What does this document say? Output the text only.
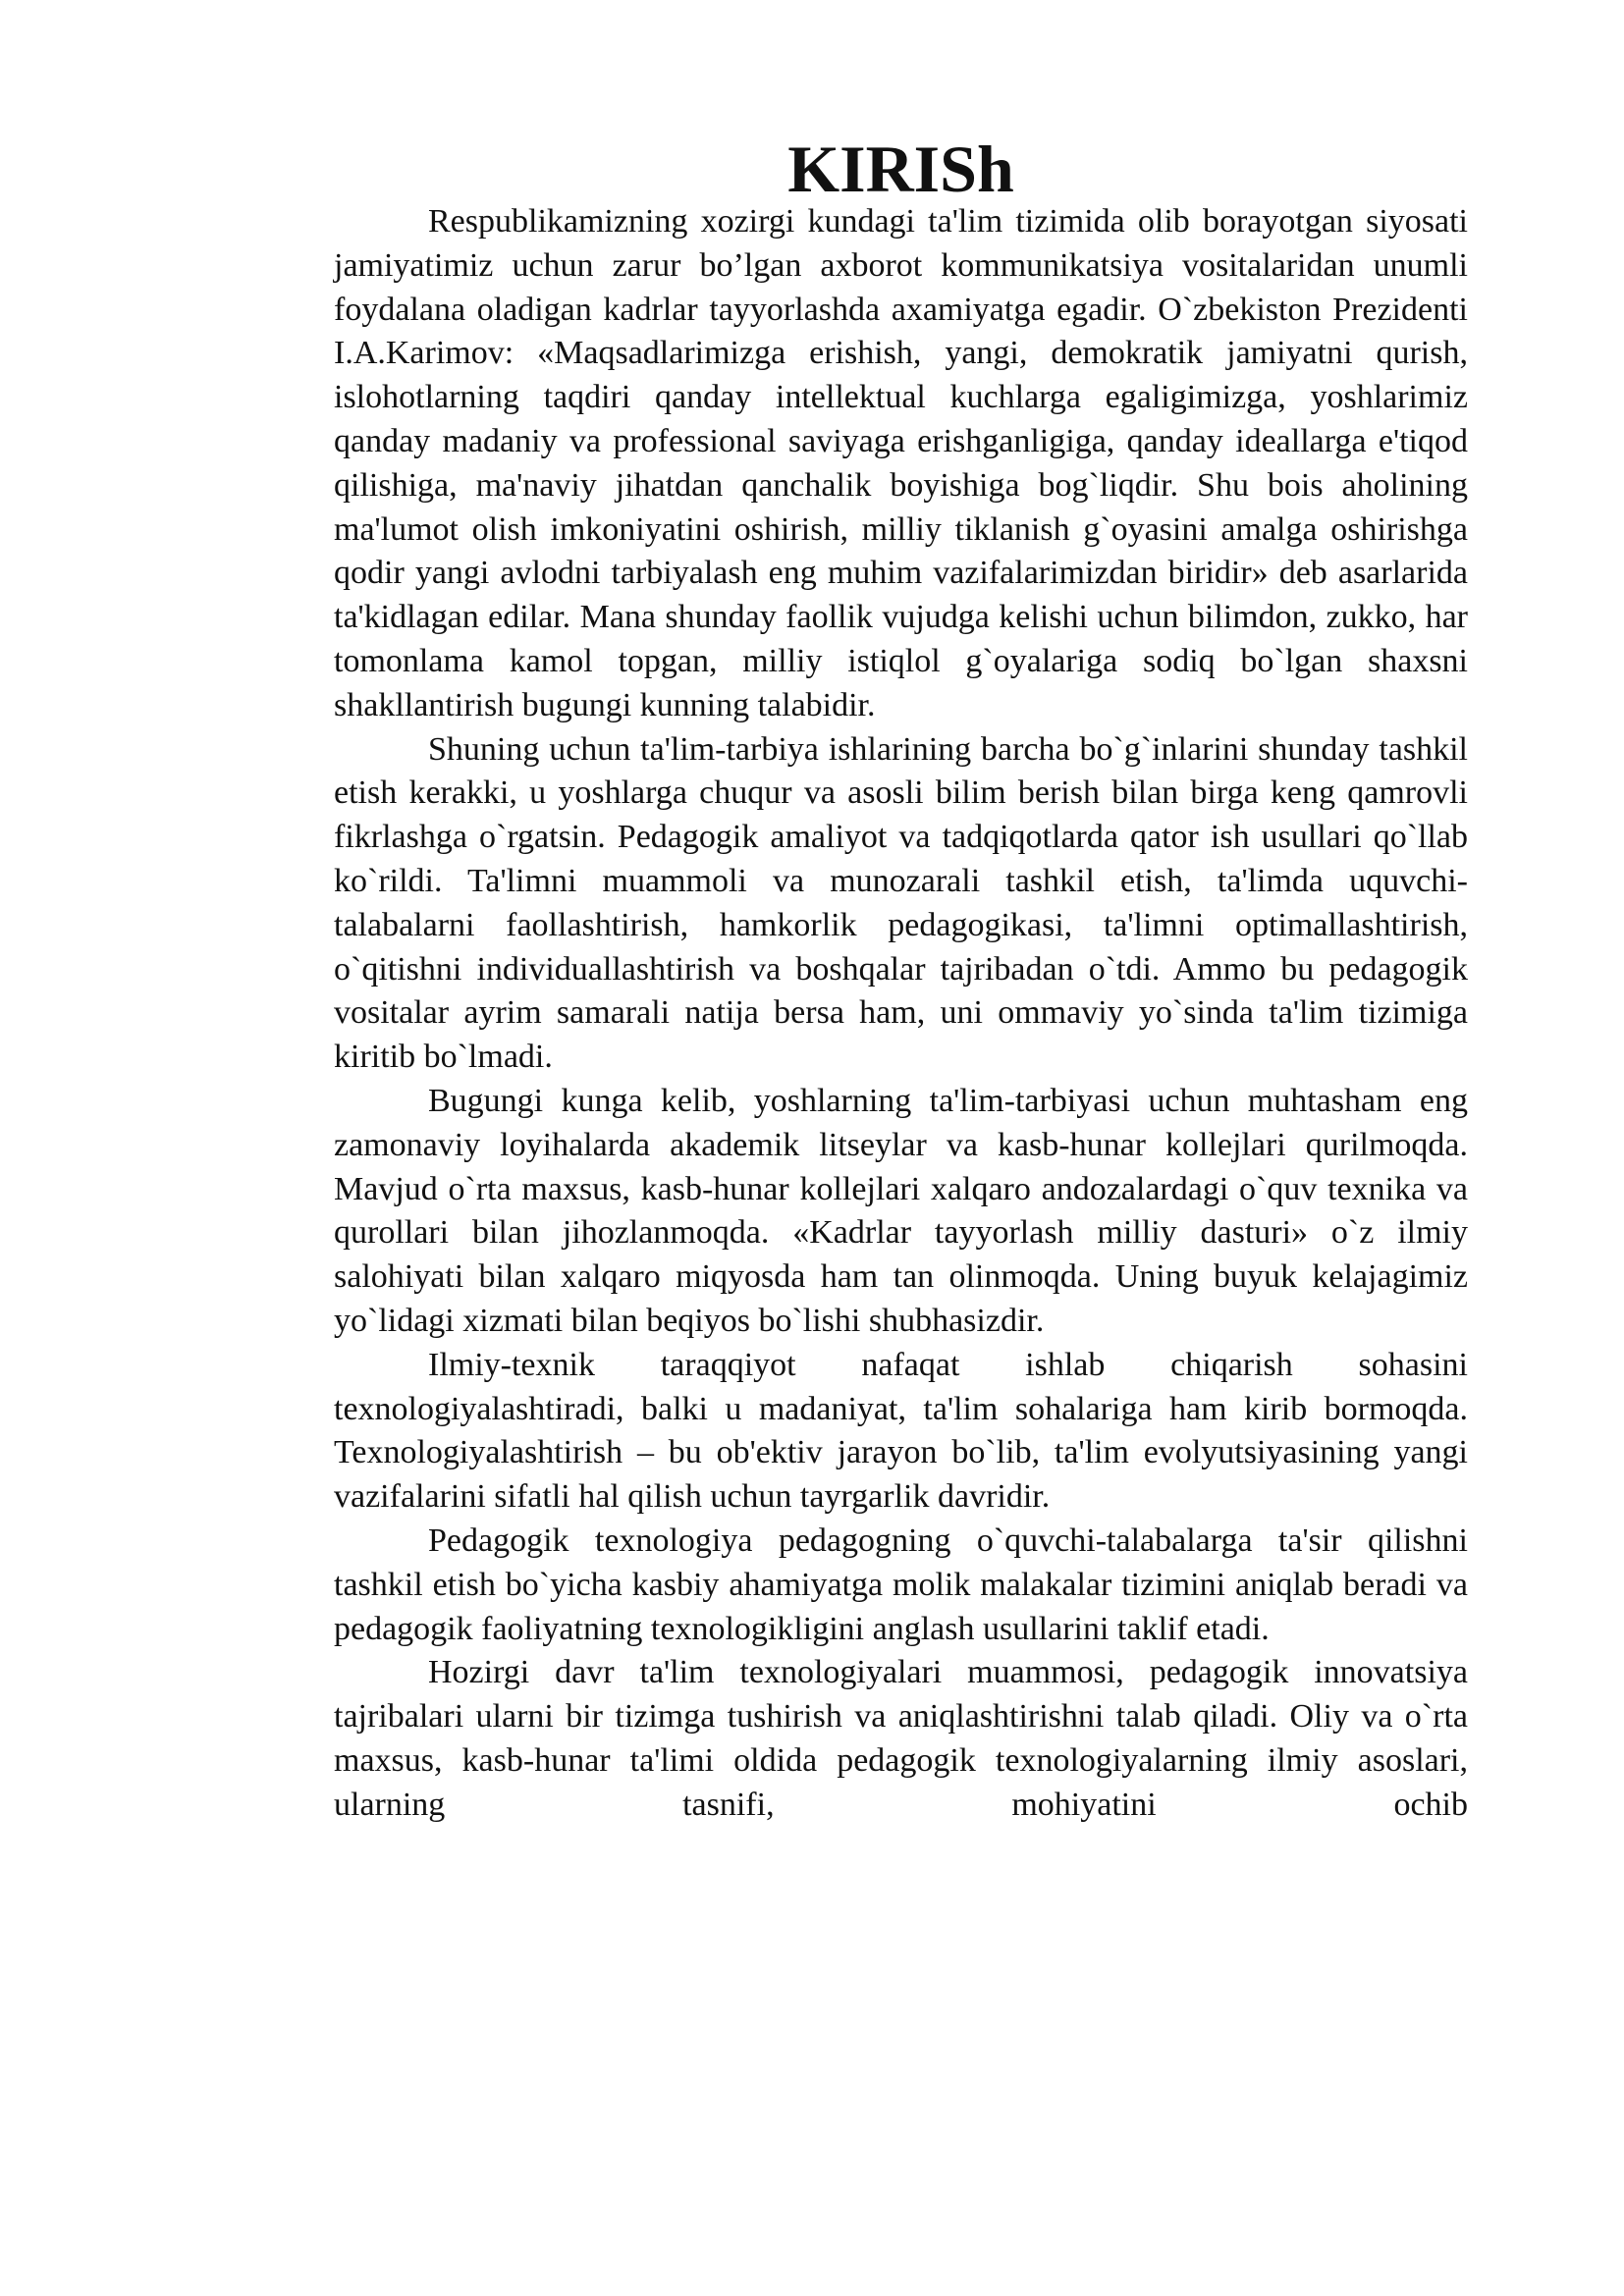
KIRISh

Respublikamizning xozirgi kundagi ta'lim tizimida olib borayotgan siyosati jamiyatimiz uchun zarur bo’lgan axborot kommunikatsiya vositalaridan unumli foydalana oladigan kadrlar tayyorlashda axamiyatga egadir. O`zbekiston Prezidenti I.A.Karimov: «Maqsadlarimizga erishish, yangi, demokratik jamiyatni qurish, islohotlarning taqdiri qanday intellektual kuchlarga egaligimizga, yoshlarimiz qanday madaniy va professional saviyaga erishganligiga, qanday ideallarga e'tiqod qilishiga, ma'naviy jihatdan qanchalik boyishiga bog`liqdir. Shu bois aholining ma'lumot olish imkoniyatini oshirish, milliy tiklanish g`oyasini amalga oshirishga qodir yangi avlodni tarbiyalash eng muhim vazifalarimizdan biridir» deb asarlarida ta'kidlagan edilar. Mana shunday faollik vujudga kelishi uchun bilimdon, zukko, har tomonlama kamol topgan, milliy istiqlol g`oyalariga sodiq bo`lgan shaxsni shakllantirish bugungi kunning talabidir.

Shuning uchun ta'lim-tarbiya ishlarining barcha bo`g`inlarini shunday tashkil etish kerakki, u yoshlarga chuqur va asosli bilim berish bilan birga keng qamrovli fikrlashga o`rgatsin. Pedagogik amaliyot va tadqiqotlarda qator ish usullari qo`llab ko`rildi. Ta'limni muammoli va munozarali tashkil etish, ta'limda uquvchi-talabalarni faollashtirish, hamkorlik pedagogikasi, ta'limni optimallashtirish, o`qitishni individuallashtirish va boshqalar tajribadan o`tdi. Ammo bu pedagogik vositalar ayrim samarali natija bersa ham, uni ommaviy yo`sinda ta'lim tizimiga kiritib bo`lmadi.

Bugungi kunga kelib, yoshlarning ta'lim-tarbiyasi uchun muhtasham eng zamonaviy loyihalarda akademik litseylar va kasb-hunar kollejlari qurilmoqda. Mavjud o`rta maxsus, kasb-hunar kollejlari xalqaro andozalardagi o`quv texnika va qurollari bilan jihozlanmoqda. «Kadrlar tayyorlash milliy dasturi» o`z ilmiy salohiyati bilan xalqaro miqyosda ham tan olinmoqda. Uning buyuk kelajagimiz yo`lidagi xizmati bilan beqiyos bo`lishi shubhasizdir.

Ilmiy-texnik taraqqiyot nafaqat ishlab chiqarish sohasini texnologiyalashtiradi, balki u madaniyat, ta'lim sohalariga ham kirib bormoqda. Texnologiyalashtirish – bu ob'ektiv jarayon bo`lib, ta'lim evolyutsiyasining yangi vazifalarini sifatli hal qilish uchun tayrgarlik davridir.

Pedagogik texnologiya pedagogning o`quvchi-talabalarga ta'sir qilishni tashkil etish bo`yicha kasbiy ahamiyatga molik malakalar tizimini aniqlab beradi va pedagogik faoliyatning texnologikligini anglash usullarini taklif etadi.

Hozirgi davr ta'lim texnologiyalari muammosi, pedagogik innovatsiya tajribalari ularni bir tizimga tushirish va aniqlashtirishni talab qiladi. Oliy va o`rta maxsus, kasb-hunar ta'limi oldida pedagogik texnologiyalarning ilmiy asoslari, ularning tasnifi, mohiyatini ochib
